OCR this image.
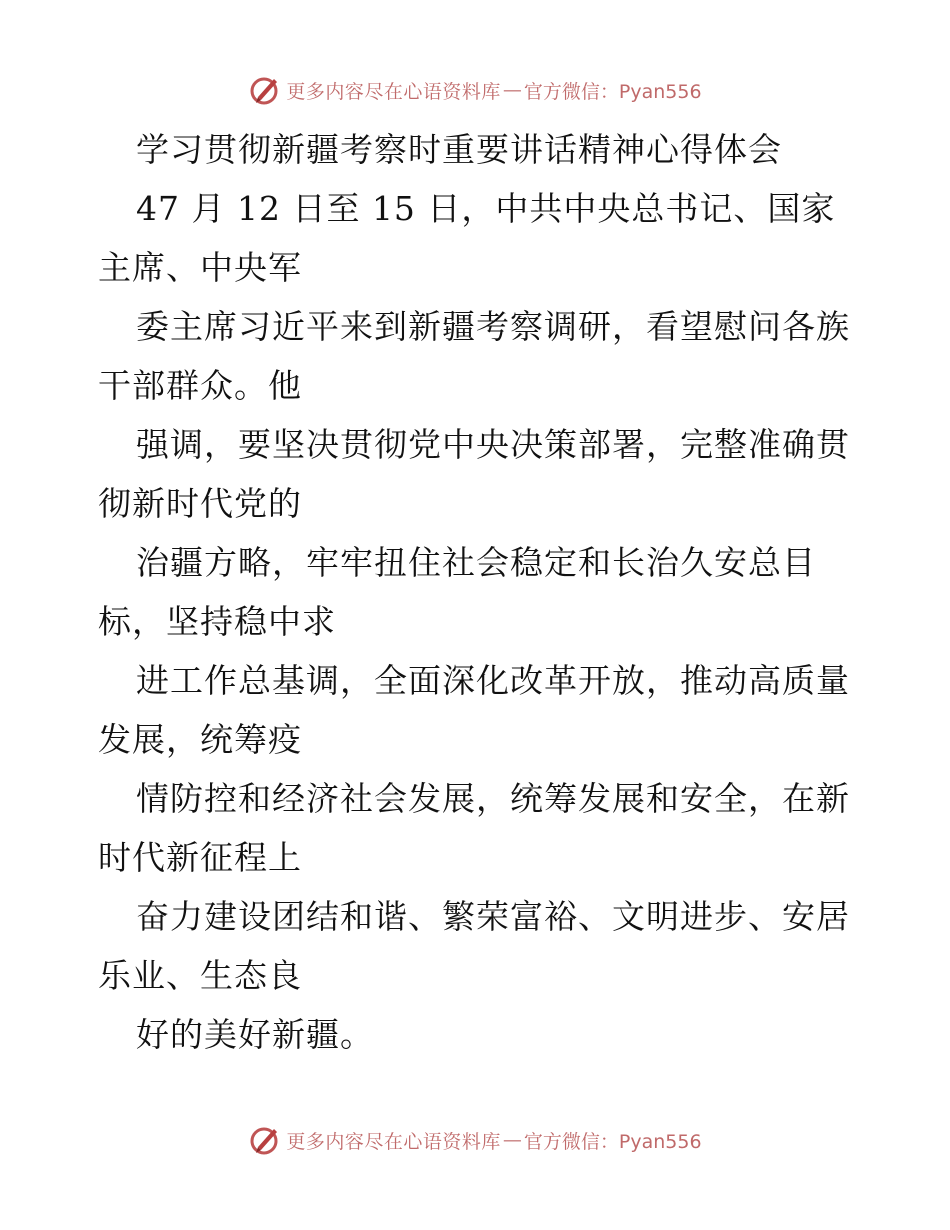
更多内容尽在心语资料库 — 官方微信：Pyan556
学习贯彻新疆考察时重要讲话精神心得体会
47 月 12 日至 15 日，中共中央总书记、国家
主席、中央军
委主席习近平来到新疆考察调研，看望慰问各族
干部群众。他
强调，要坚决贯彻党中央决策部署，完整准确贯
彻新时代党的
治疆方略，牢牢扭住社会稳定和长治久安总目
标，坚持稳中求
进工作总基调，全面深化改革开放，推动高质量
发展，统筹疫
情防控和经济社会发展，统筹发展和安全，在新
时代新征程上
奋力建设团结和谐、繁荣富裕、文明进步、安居
乐业、生态良
好的美好新疆。
更多内容尽在心语资料库 — 官方微信：Pyan556
